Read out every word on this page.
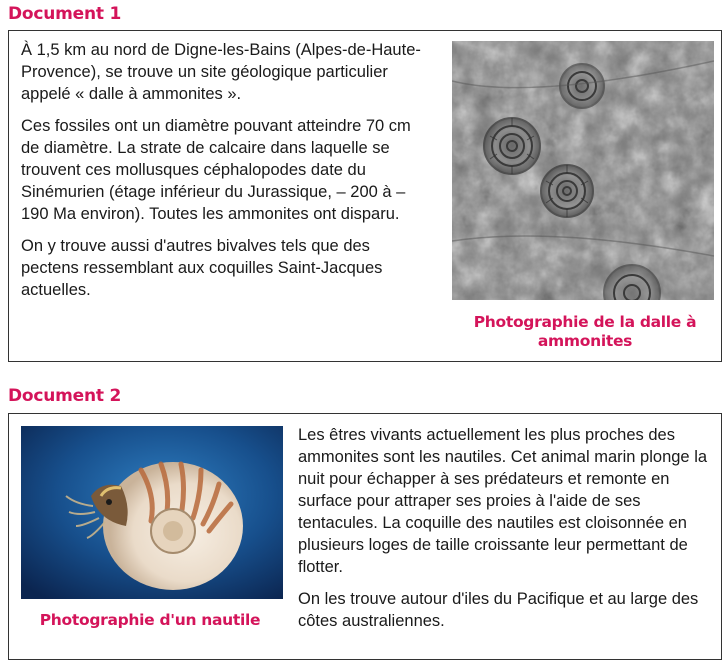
Document 1

À 1,5 km au nord de Digne-les-Bains (Alpes-de-Haute-Provence), se trouve un site géologique particulier appelé « dalle à ammonites ».

Ces fossiles ont un diamètre pouvant atteindre 70 cm de diamètre. La strate de calcaire dans laquelle se trouvent ces mollusques céphalopodes date du Sinémurien (étage inférieur du Jurassique, – 200 à – 190 Ma environ). Toutes les ammonites ont disparu.

On y trouve aussi d'autres bivalves tels que des pectens ressemblant aux coquilles Saint-Jacques actuelles.

Photographie de la dalle à ammonites
Document 2
Photographie d'un nautile

Les êtres vivants actuellement les plus proches des ammonites sont les nautiles. Cet animal marin plonge la nuit pour échapper à ses prédateurs et remonte en surface pour attraper ses proies à l'aide de ses tentacules. La coquille des nautiles est cloisonnée en plusieurs loges de taille croissante leur permettant de flotter.

On les trouve autour d'iles du Pacifique et au large des côtes australiennes.
